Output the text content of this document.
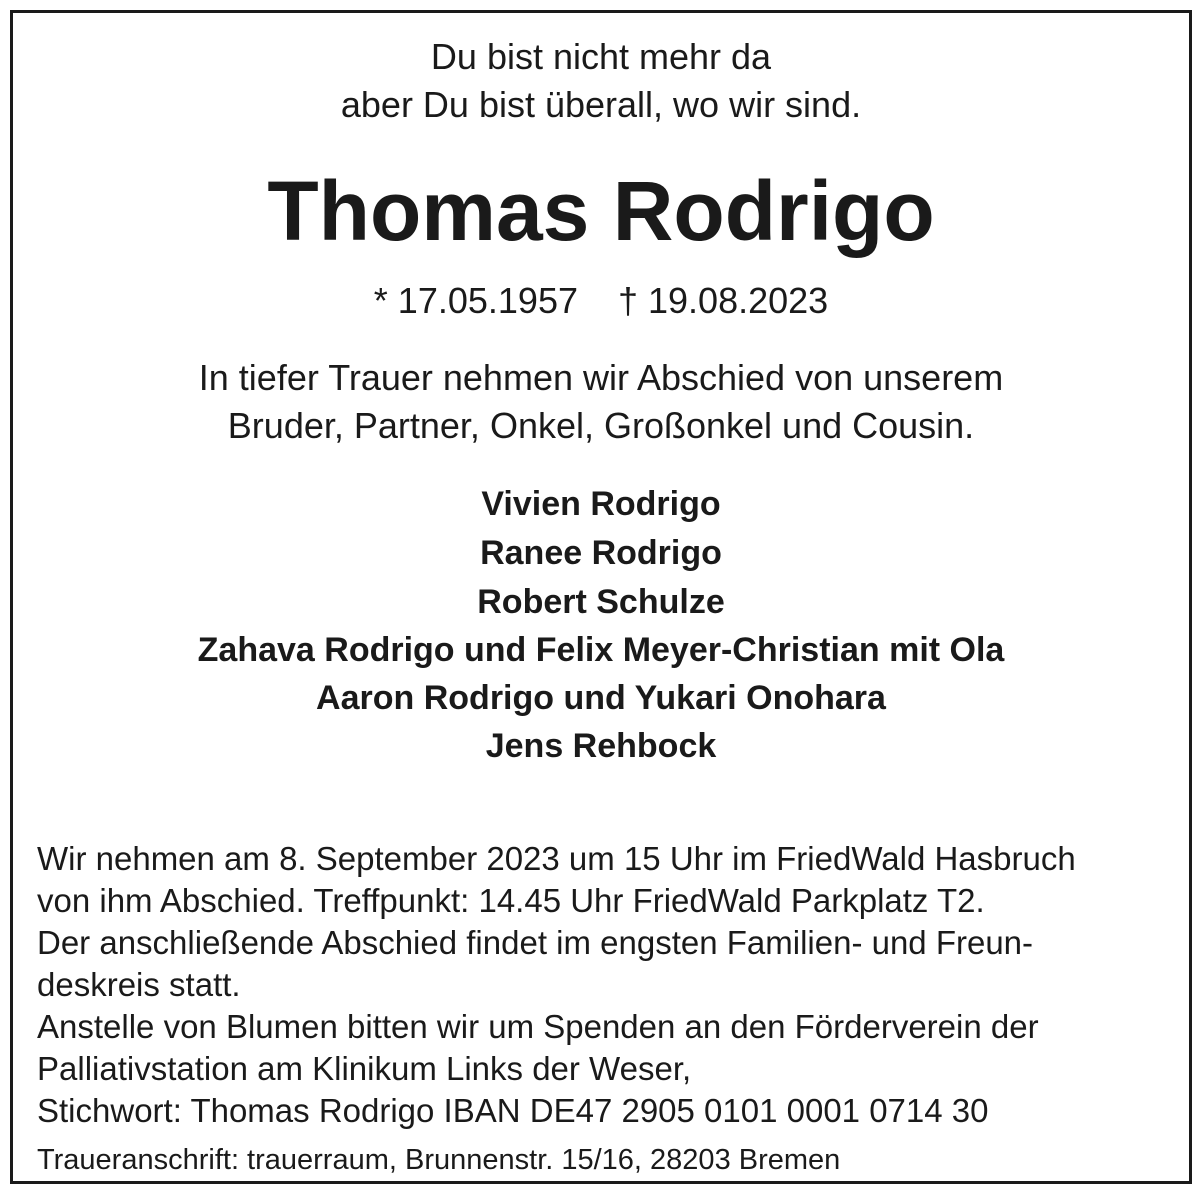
Du bist nicht mehr da

aber Du bist überall, wo wir sind.

Thomas Rodrigo

* 17.05.1957 † 19.08.2023

In tiefer Trauer nehmen wir Abschied von unserem

Bruder, Partner, Onkel, Großonkel und Cousin.

Vivien Rodrigo

Ranee Rodrigo

Robert Schulze

Zahava Rodrigo und Felix Meyer-Christian mit Ola

Aaron Rodrigo und Yukari Onohara

Jens Rehbock

Wir nehmen am 8. September 2023 um 15 Uhr im FriedWald Hasbruch

von ihm Abschied. Treffpunkt: 14.45 Uhr FriedWald Parkplatz T2.

Der anschließende Abschied findet im engsten Familien- und Freun-

deskreis statt.

Anstelle von Blumen bitten wir um Spenden an den Förderverein der

Palliativstation am Klinikum Links der Weser,

Stichwort: Thomas Rodrigo IBAN DE47 2905 0101 0001 0714 30

Traueranschrift: trauerraum, Brunnenstr. 15/16, 28203 Bremen
